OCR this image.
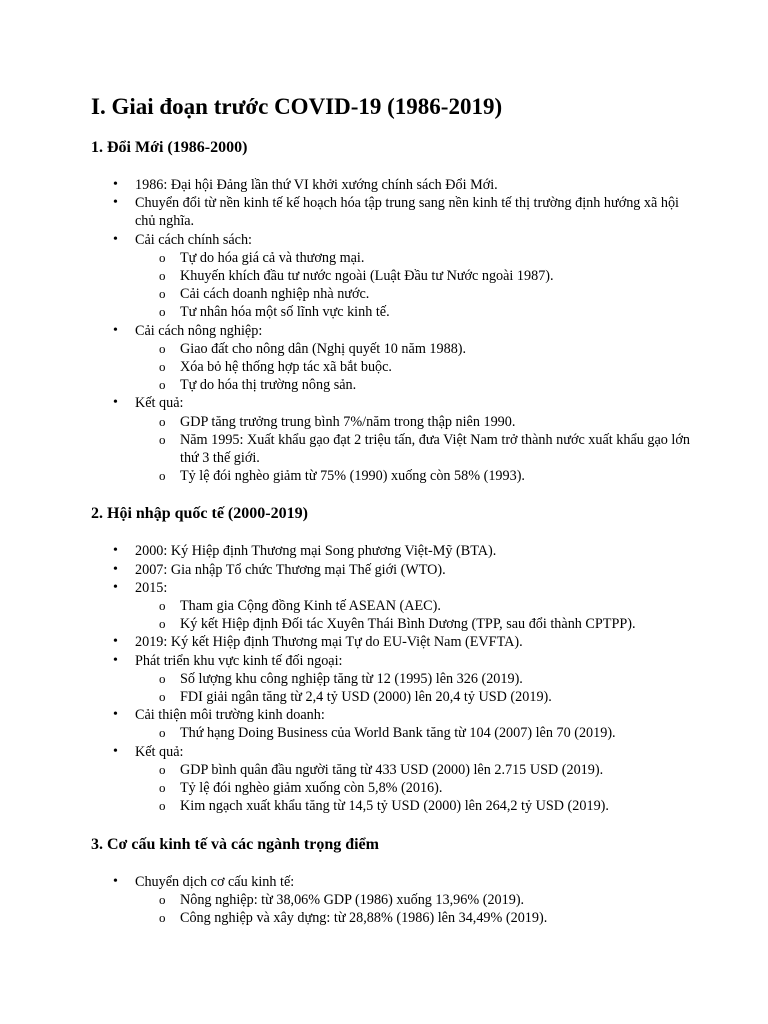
I. Giai đoạn trước COVID-19 (1986-2019)
1. Đổi Mới (1986-2000)
• 1986: Đại hội Đảng lần thứ VI khởi xướng chính sách Đổi Mới.
• Chuyển đổi từ nền kinh tế kế hoạch hóa tập trung sang nền kinh tế thị trường định hướng xã hội chủ nghĩa.
• Cải cách chính sách:
o Tự do hóa giá cả và thương mại.
o Khuyến khích đầu tư nước ngoài (Luật Đầu tư Nước ngoài 1987).
o Cải cách doanh nghiệp nhà nước.
o Tư nhân hóa một số lĩnh vực kinh tế.
• Cải cách nông nghiệp:
o Giao đất cho nông dân (Nghị quyết 10 năm 1988).
o Xóa bỏ hệ thống hợp tác xã bắt buộc.
o Tự do hóa thị trường nông sản.
• Kết quả:
o GDP tăng trưởng trung bình 7%/năm trong thập niên 1990.
o Năm 1995: Xuất khẩu gạo đạt 2 triệu tấn, đưa Việt Nam trở thành nước xuất khẩu gạo lớn thứ 3 thế giới.
o Tỷ lệ đói nghèo giảm từ 75% (1990) xuống còn 58% (1993).
2. Hội nhập quốc tế (2000-2019)
• 2000: Ký Hiệp định Thương mại Song phương Việt-Mỹ (BTA).
• 2007: Gia nhập Tổ chức Thương mại Thế giới (WTO).
• 2015:
o Tham gia Cộng đồng Kinh tế ASEAN (AEC).
o Ký kết Hiệp định Đối tác Xuyên Thái Bình Dương (TPP, sau đổi thành CPTPP).
• 2019: Ký kết Hiệp định Thương mại Tự do EU-Việt Nam (EVFTA).
• Phát triển khu vực kinh tế đối ngoại:
o Số lượng khu công nghiệp tăng từ 12 (1995) lên 326 (2019).
o FDI giải ngân tăng từ 2,4 tỷ USD (2000) lên 20,4 tỷ USD (2019).
• Cải thiện môi trường kinh doanh:
o Thứ hạng Doing Business của World Bank tăng từ 104 (2007) lên 70 (2019).
• Kết quả:
o GDP bình quân đầu người tăng từ 433 USD (2000) lên 2.715 USD (2019).
o Tỷ lệ đói nghèo giảm xuống còn 5,8% (2016).
o Kim ngạch xuất khẩu tăng từ 14,5 tỷ USD (2000) lên 264,2 tỷ USD (2019).
3. Cơ cấu kinh tế và các ngành trọng điểm
• Chuyển dịch cơ cấu kinh tế:
o Nông nghiệp: từ 38,06% GDP (1986) xuống 13,96% (2019).
o Công nghiệp và xây dựng: từ 28,88% (1986) lên 34,49% (2019).
